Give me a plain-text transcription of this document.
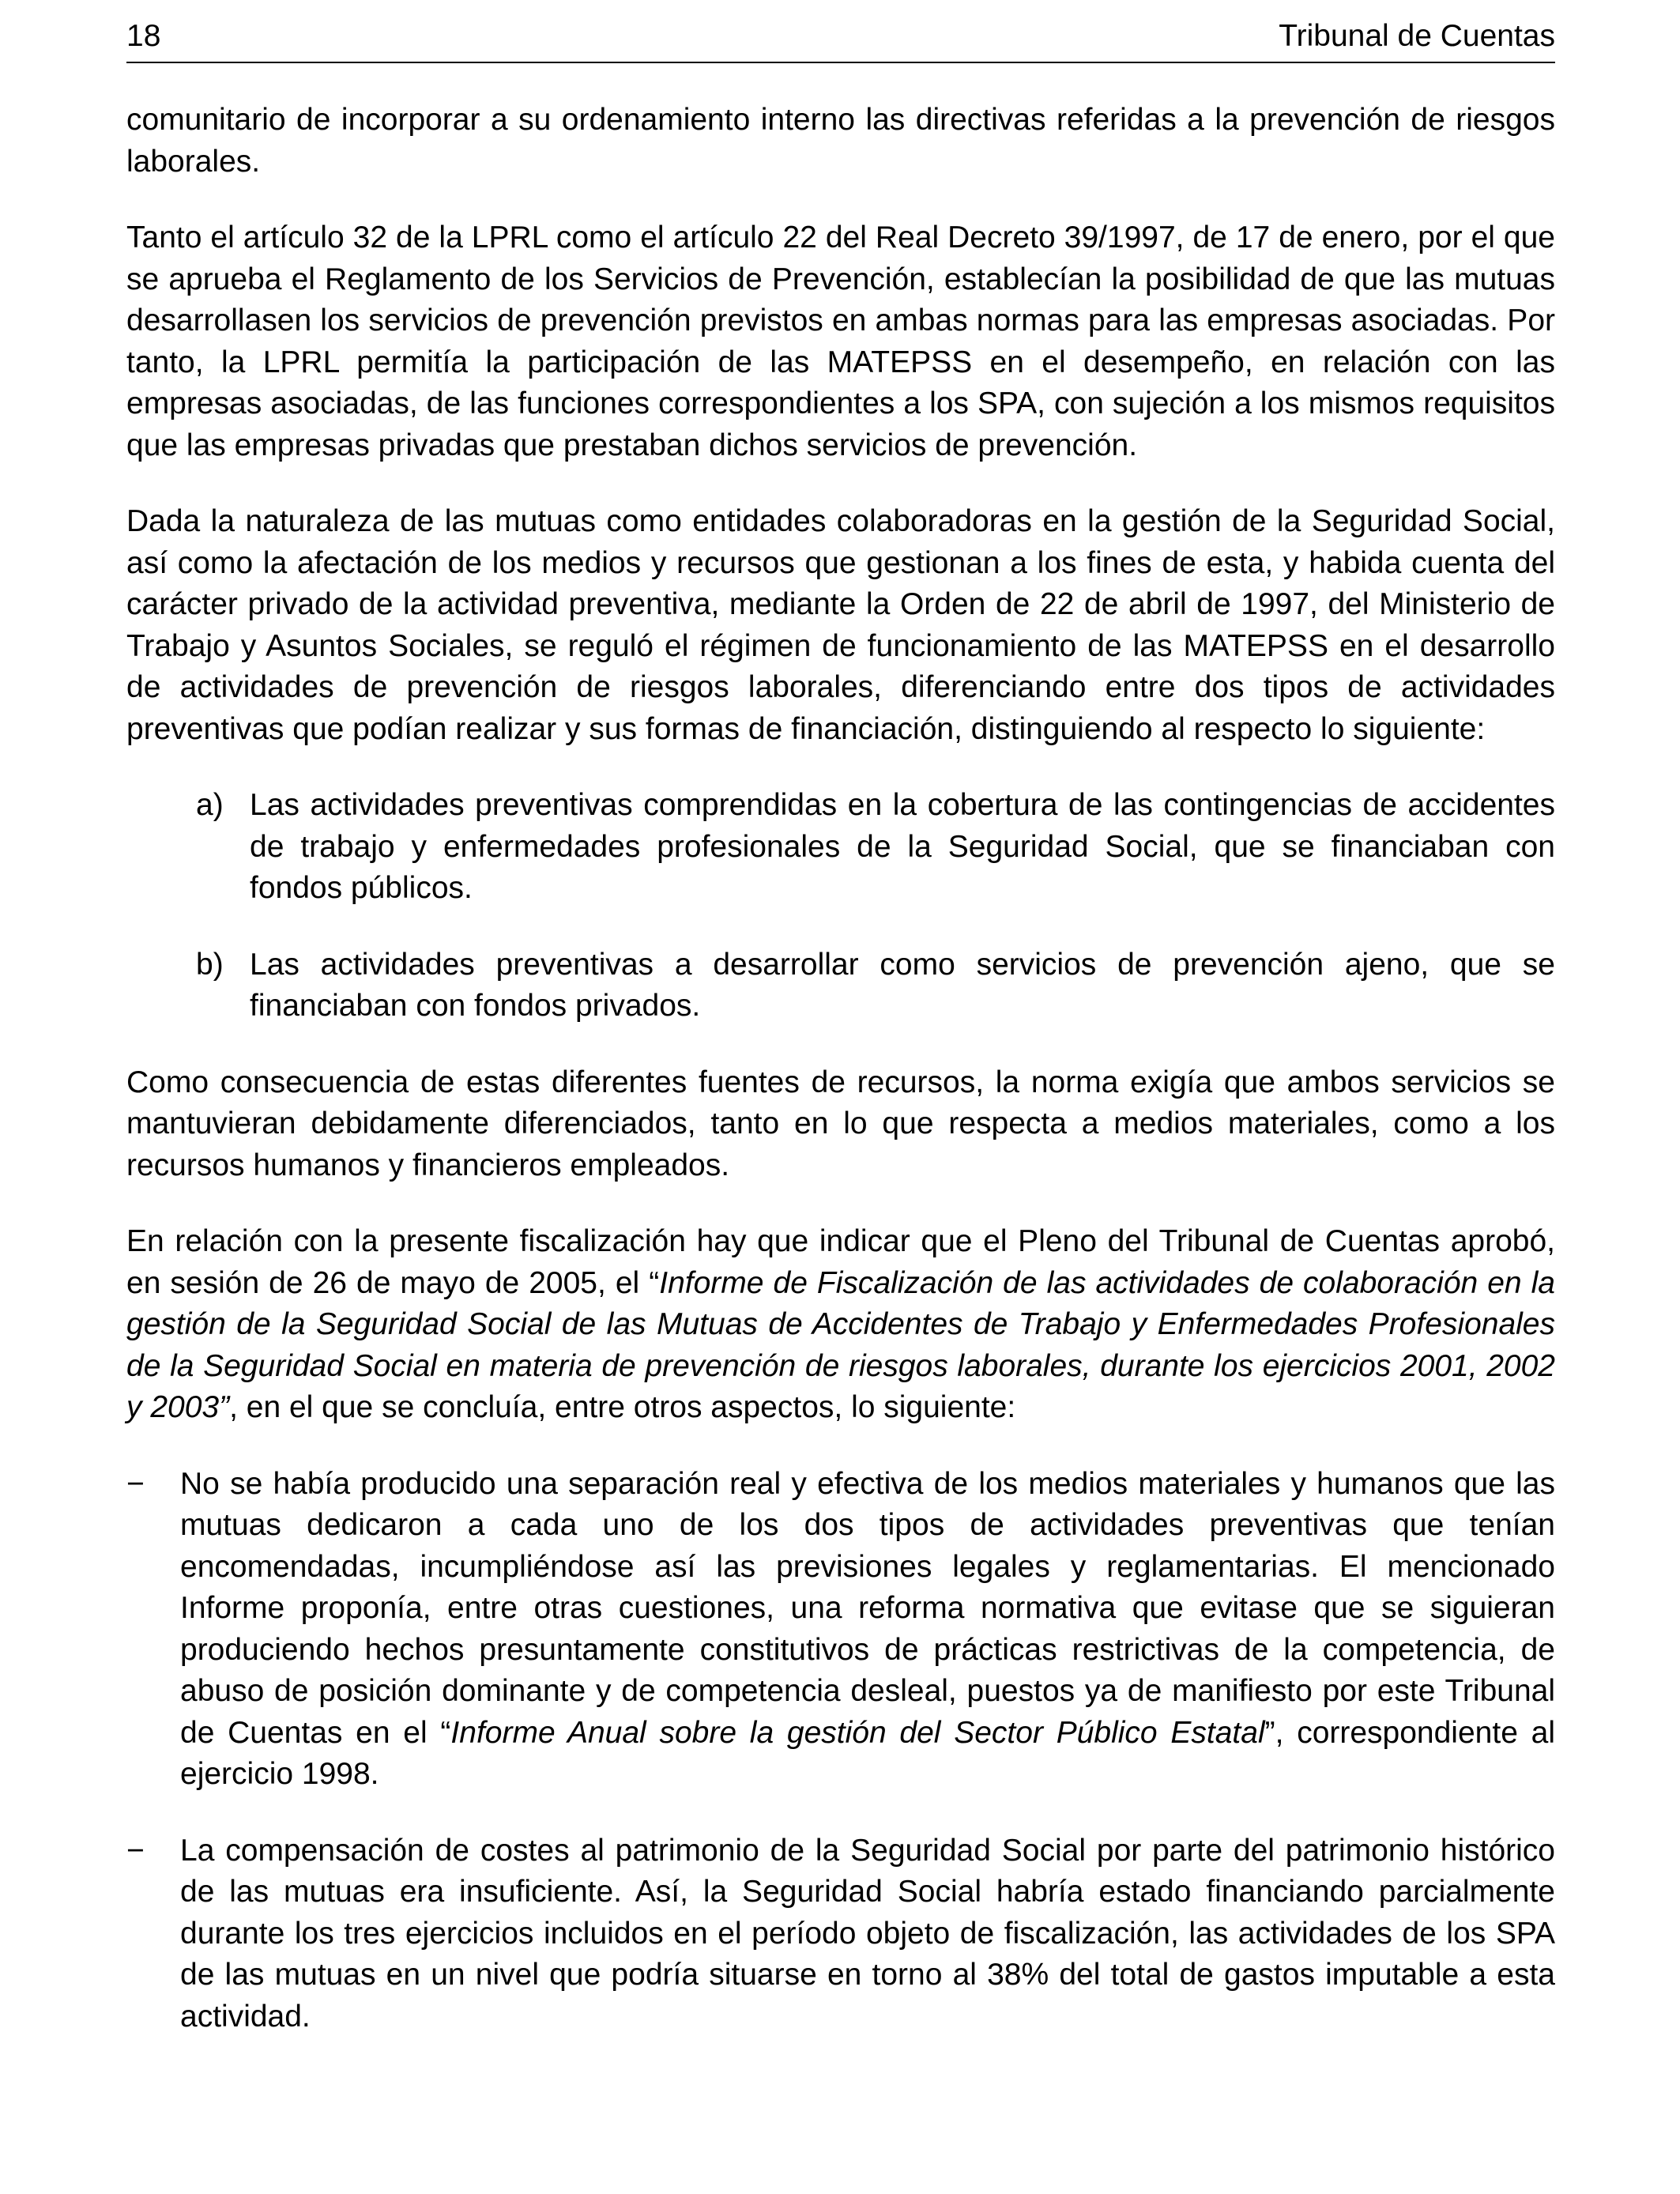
18	Tribunal de Cuentas

comunitario de incorporar a su ordenamiento interno las directivas referidas a la prevención de riesgos laborales.

Tanto el artículo 32 de la LPRL como el artículo 22 del Real Decreto 39/1997, de 17 de enero, por el que se aprueba el Reglamento de los Servicios de Prevención, establecían la posibilidad de que las mutuas desarrollasen los servicios de prevención previstos en ambas normas para las empresas asociadas. Por tanto, la LPRL permitía la participación de las MATEPSS en el desempeño, en relación con las empresas asociadas, de las funciones correspondientes a los SPA, con sujeción a los mismos requisitos que las empresas privadas que prestaban dichos servicios de prevención.

Dada la naturaleza de las mutuas como entidades colaboradoras en la gestión de la Seguridad Social, así como la afectación de los medios y recursos que gestionan a los fines de esta, y habida cuenta del carácter privado de la actividad preventiva, mediante la Orden de 22 de abril de 1997, del Ministerio de Trabajo y Asuntos Sociales, se reguló el régimen de funcionamiento de las MATEPSS en el desarrollo de actividades de prevención de riesgos laborales, diferenciando entre dos tipos de actividades preventivas que podían realizar y sus formas de financiación, distinguiendo al respecto lo siguiente:

a) Las actividades preventivas comprendidas en la cobertura de las contingencias de accidentes de trabajo y enfermedades profesionales de la Seguridad Social, que se financiaban con fondos públicos.
b) Las actividades preventivas a desarrollar como servicios de prevención ajeno, que se financiaban con fondos privados.

Como consecuencia de estas diferentes fuentes de recursos, la norma exigía que ambos servicios se mantuvieran debidamente diferenciados, tanto en lo que respecta a medios materiales, como a los recursos humanos y financieros empleados.

En relación con la presente fiscalización hay que indicar que el Pleno del Tribunal de Cuentas aprobó, en sesión de 26 de mayo de 2005, el “Informe de Fiscalización de las actividades de colaboración en la gestión de la Seguridad Social de las Mutuas de Accidentes de Trabajo y Enfermedades Profesionales de la Seguridad Social en materia de prevención de riesgos laborales, durante los ejercicios 2001, 2002 y 2003”, en el que se concluía, entre otros aspectos, lo siguiente:

− No se había producido una separación real y efectiva de los medios materiales y humanos que las mutuas dedicaron a cada uno de los dos tipos de actividades preventivas que tenían encomendadas, incumpliéndose así las previsiones legales y reglamentarias. El mencionado Informe proponía, entre otras cuestiones, una reforma normativa que evitase que se siguieran produciendo hechos presuntamente constitutivos de prácticas restrictivas de la competencia, de abuso de posición dominante y de competencia desleal, puestos ya de manifiesto por este Tribunal de Cuentas en el “Informe Anual sobre la gestión del Sector Público Estatal”, correspondiente al ejercicio 1998.
− La compensación de costes al patrimonio de la Seguridad Social por parte del patrimonio histórico de las mutuas era insuficiente. Así, la Seguridad Social habría estado financiando parcialmente durante los tres ejercicios incluidos en el período objeto de fiscalización, las actividades de los SPA de las mutuas en un nivel que podría situarse en torno al 38% del total de gastos imputable a esta actividad.
